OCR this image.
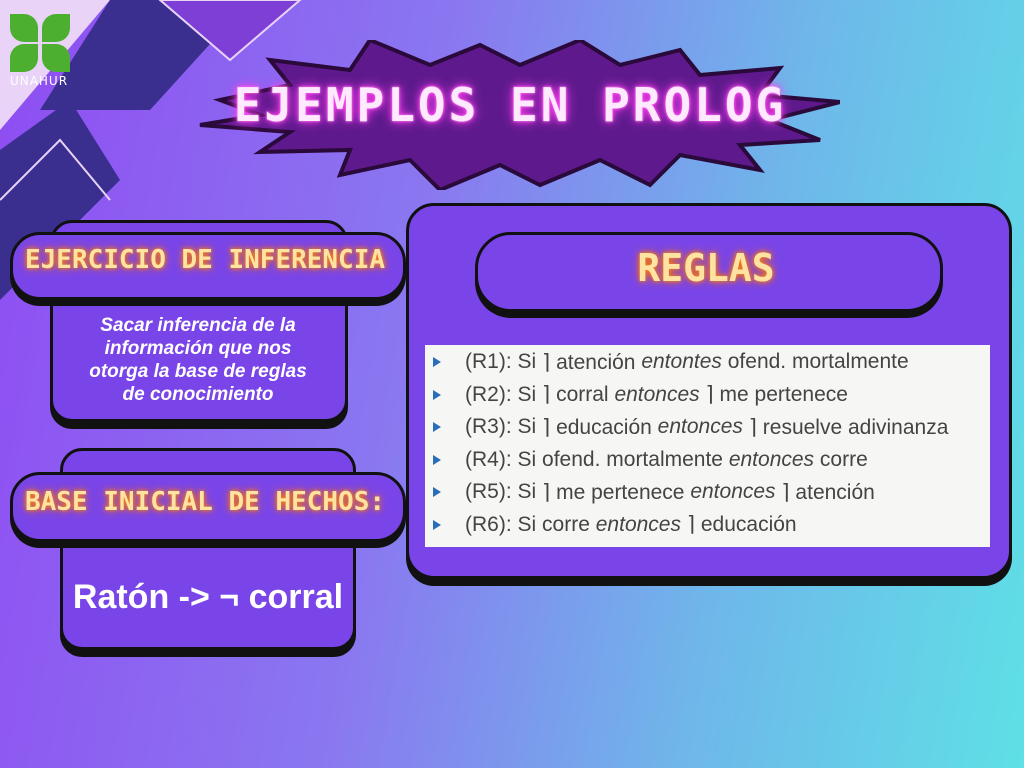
UNAHUR	EJEMPLOS EN PROLOG
EJERCICIO DE INFERENCIA
Sacar inferencia de la información que nos otorga la base de reglas de conocimiento
BASE INICIAL DE HECHOS:
Ratón -> ¬ corral
REGLAS
(R1):
Si
⌉ atención
entontes
ofend. mortalmente
(R2):
Si
⌉ corral
entonces
⌉ me pertenece
(R3):
Si
⌉ educación
entonces
⌉ resuelve adivinanza
(R4):
Si
ofend. mortalmente
entonces
corre
(R5):
Si
⌉ me pertenece
entonces
⌉ atención
(R6):
Si
corre
entonces
⌉ educación
